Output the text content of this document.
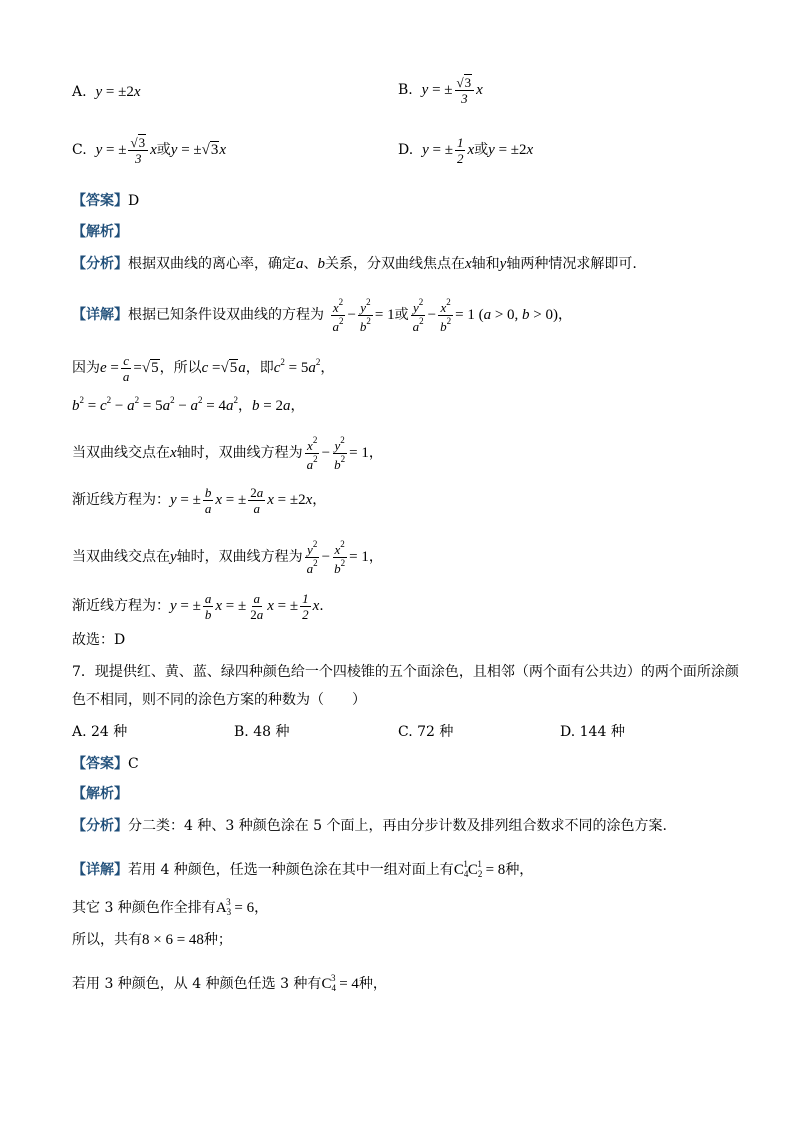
A. y = ±2x	B. y = ± $\frac{√3}{3}$ x
C. y = ± $\frac{√3}{3}$ x或y = ±√3x	D. y = ± $\frac{1}{2}$ x或y = ±2x
【答案】D
【解析】
【分析】根据双曲线的离心率，确定a、b关系，分双曲线焦点在x轴和y轴两种情况求解即可.
【详解】根据已知条件设双曲线的方程为 $\frac{x^2}{a^2} - \frac{y^2}{b^2} = 1$或 $\frac{y^2}{a^2} - \frac{x^2}{b^2} = 1$ (a > 0, b > 0)，
因为$e = \frac{c}{a} =√5$，所以c =√5a，即$c^2 = 5a^2$，
$b^2 = c^2 - a^2 = 5a^2 - a^2 = 4a^2$，b = 2a，
当双曲线交点在x轴时，双曲线方程为 $\frac{x^2}{a^2} - \frac{y^2}{b^2} = 1$，
渐近线方程为：y = ± $\frac{b}{a}$ x = ± $\frac{2a}{a}$ x = ±2x，
当双曲线交点在y轴时，双曲线方程为 $\frac{y^2}{a^2} - \frac{x^2}{b^2} = 1$，
渐近线方程为：y = ± $\frac{a}{b}$ x = ± $\frac{a}{2a}$ x = ± $\frac{1}{2} x$.
故选：D
7．现提供红、黄、蓝、绿四种颜色给一个四棱锥的五个面涂色，且相邻（两个面有公共边）的两个面所涂颜
色不相同，则不同的涂色方案的种数为（　　）
A. 24 种	B. 48 种	C. 72 种	D. 144 种
【答案】C
【解析】
【分析】分二类：4 种、3 种颜色涂在 5 个面上，再由分步计数及排列组合数求不同的涂色方案.
【详解】若用 4 种颜色，任选一种颜色涂在其中一组对面上有$C_4^1C_2^1 = 8$种，
其它 3 种颜色作全排有$A_3^3 = 6$，
所以，共有8 × 6 = 48种；
若用 3 种颜色，从 4 种颜色任选 3 种有$C_4^3 = 4$种，
